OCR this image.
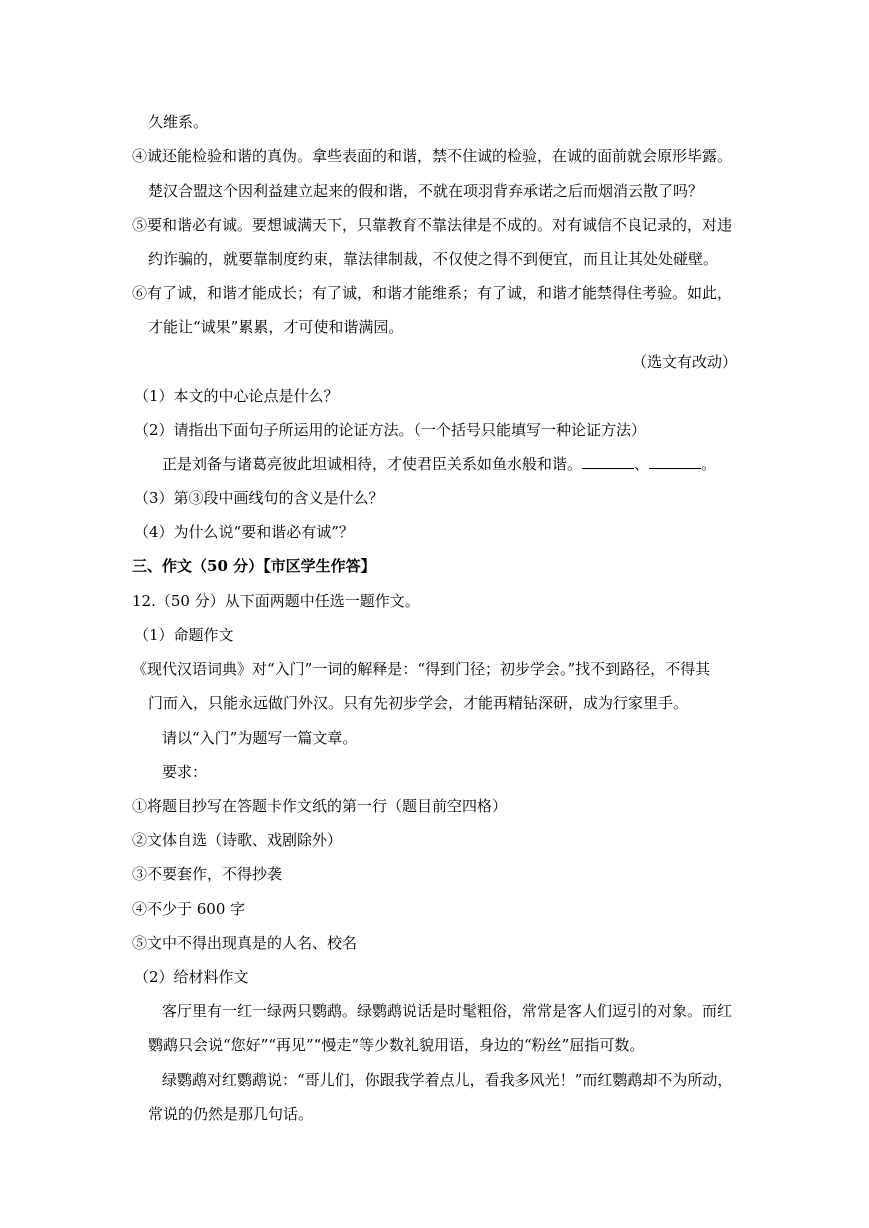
久维系。
④诚还能检验和谐的真伪。拿些表面的和谐，禁不住诚的检验，在诚的面前就会原形毕露。
楚汉合盟这个因利益建立起来的假和谐，不就在项羽背弃承诺之后而烟消云散了吗？
⑤要和谐必有诚。要想诚满天下，只靠教育不靠法律是不成的。对有诚信不良记录的，对违
约诈骗的，就要靠制度约束，靠法律制裁，不仅使之得不到便宜，而且让其处处碰壁。
⑥有了诚，和谐才能成长；有了诚，和谐才能维系；有了诚，和谐才能禁得住考验。如此，
才能让“诚果”累累，才可使和谐满园。
（选文有改动）
（1）本文的中心论点是什么？
（2）请指出下面句子所运用的论证方法。（一个括号只能填写一种论证方法）
正是刘备与诸葛亮彼此坦诚相待，才使君臣关系如鱼水般和谐。	、	。
（3）第③段中画线句的含义是什么？
（4）为什么说“要和谐必有诚”？
三、作文（50 分）【市区学生作答】
12.（50 分）从下面两题中任选一题作文。
（1）命题作文
《现代汉语词典》对“入门”一词的解释是：“得到门径；初步学会。”找不到路径，不得其
门而入，只能永远做门外汉。只有先初步学会，才能再精钻深研，成为行家里手。
请以“入门”为题写一篇文章。
要求：
①将题目抄写在答题卡作文纸的第一行（题目前空四格）
②文体自选（诗歌、戏剧除外）
③不要套作，不得抄袭
④不少于 600 字
⑤文中不得出现真是的人名、校名
（2）给材料作文
客厅里有一红一绿两只鹦鹉。绿鹦鹉说话是时髦粗俗，常常是客人们逗引的对象。而红
鹦鹉只会说“您好”“再见”“慢走”等少数礼貌用语，身边的“粉丝”屈指可数。
绿鹦鹉对红鹦鹉说：“哥儿们，你跟我学着点儿，看我多风光！”而红鹦鹉却不为所动，
常说的仍然是那几句话。
